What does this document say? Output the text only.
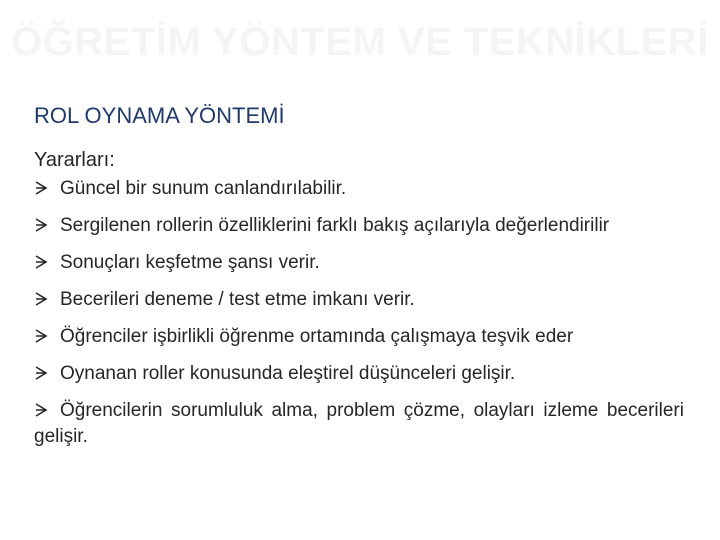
ÖĞRETİM YÖNTEM VE TEKNİKLERİ
ROL OYNAMA YÖNTEMİ
Yararları:
Güncel bir sunum canlandırılabilir.
Sergilenen rollerin özelliklerini farklı bakış açılarıyla değerlendirilir
Sonuçları keşfetme şansı verir.
Becerileri deneme / test etme imkanı verir.
Öğrenciler işbirlikli öğrenme ortamında çalışmaya teşvik eder
Oynanan roller konusunda eleştirel düşünceleri gelişir.
Öğrencilerin sorumluluk alma, problem çözme, olayları izleme becerileri gelişir.
